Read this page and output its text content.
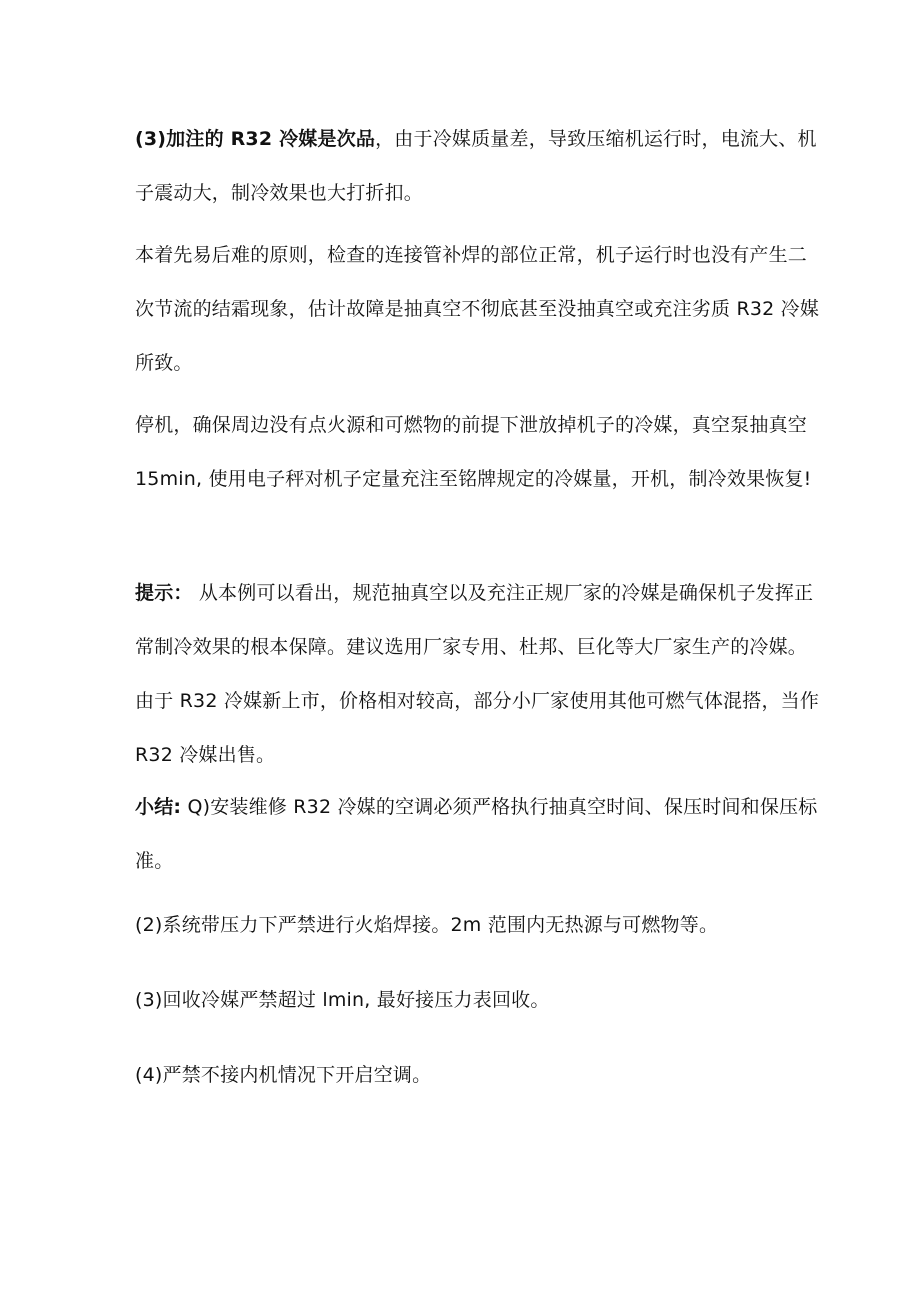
(3)加注的 R32 冷媒是次品，由于冷媒质量差，导致压缩机运行时，电流大、机子震动大，制冷效果也大打折扣。

本着先易后难的原则，检查的连接管补焊的部位正常，机子运行时也没有产生二次节流的结霜现象，估计故障是抽真空不彻底甚至没抽真空或充注劣质 R32 冷媒所致。

停机，确保周边没有点火源和可燃物的前提下泄放掉机子的冷媒，真空泵抽真空 15min, 使用电子秤对机子定量充注至铭牌规定的冷媒量，开机，制冷效果恢复!

提示： 从本例可以看出，规范抽真空以及充注正规厂家的冷媒是确保机子发挥正常制冷效果的根本保障。建议选用厂家专用、杜邦、巨化等大厂家生产的冷媒。由于 R32 冷媒新上市，价格相对较高，部分小厂家使用其他可燃气体混搭，当作 R32 冷媒出售。

小结: Q)安装维修 R32 冷媒的空调必须严格执行抽真空时间、保压时间和保压标准。

(2)系统带压力下严禁进行火焰焊接。2m 范围内无热源与可燃物等。

(3)回收冷媒严禁超过 lmin, 最好接压力表回收。

(4)严禁不接内机情况下开启空调。
